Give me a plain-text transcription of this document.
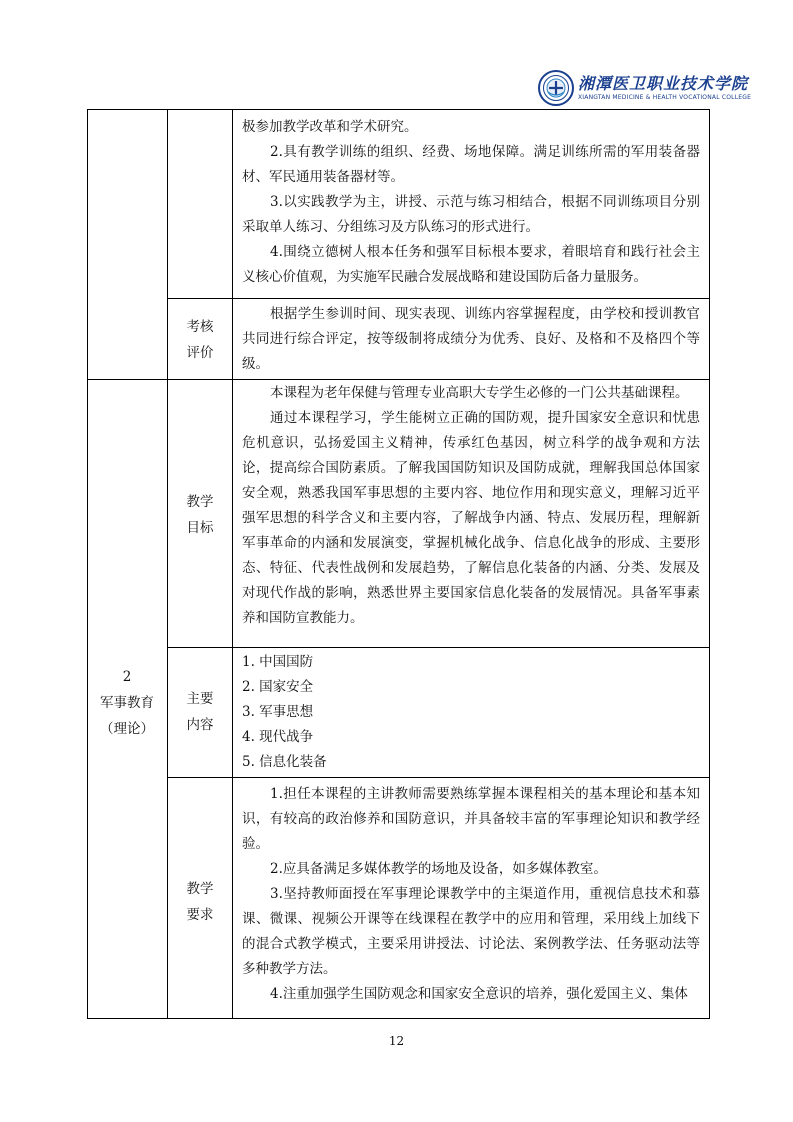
湘潭医卫职业技术学院
XIANGTAN MEDICINE & HEALTH VOCATIONAL COLLEGE

极参加教学改革和学术研究。

2.具有教学训练的组织、经费、场地保障。满足训练所需的军用装备器材、军民通用装备器材等。

3.以实践教学为主，讲授、示范与练习相结合，根据不同训练项目分别采取单人练习、分组练习及方队练习的形式进行。

4.围绕立德树人根本任务和强军目标根本要求，着眼培育和践行社会主义核心价值观，为实施军民融合发展战略和建设国防后备力量服务。

考核
评价

根据学生参训时间、现实表现、训练内容掌握程度，由学校和授训教官共同进行综合评定，按等级制将成绩分为优秀、良好、及格和不及格四个等级。

2
军事教育
（理论）
教学
目标

本课程为老年保健与管理专业高职大专学生必修的一门公共基础课程。

通过本课程学习，学生能树立正确的国防观，提升国家安全意识和忧患危机意识，弘扬爱国主义精神，传承红色基因，树立科学的战争观和方法论，提高综合国防素质。了解我国国防知识及国防成就，理解我国总体国家安全观，熟悉我国军事思想的主要内容、地位作用和现实意义，理解习近平强军思想的科学含义和主要内容，了解战争内涵、特点、发展历程，理解新军事革命的内涵和发展演变，掌握机械化战争、信息化战争的形成、主要形态、特征、代表性战例和发展趋势，了解信息化装备的内涵、分类、发展及对现代作战的影响，熟悉世界主要国家信息化装备的发展情况。具备军事素养和国防宣教能力。

主要
内容

1. 中国国防

2. 国家安全

3. 军事思想

4. 现代战争

5. 信息化装备

教学
要求

1.担任本课程的主讲教师需要熟练掌握本课程相关的基本理论和基本知识，有较高的政治修养和国防意识，并具备较丰富的军事理论知识和教学经验。

2.应具备满足多媒体教学的场地及设备，如多媒体教室。

3.坚持教师面授在军事理论课教学中的主渠道作用，重视信息技术和慕课、微课、视频公开课等在线课程在教学中的应用和管理，采用线上加线下的混合式教学模式，主要采用讲授法、讨论法、案例教学法、任务驱动法等多种教学方法。

4.注重加强学生国防观念和国家安全意识的培养，强化爱国主义、集体

12
